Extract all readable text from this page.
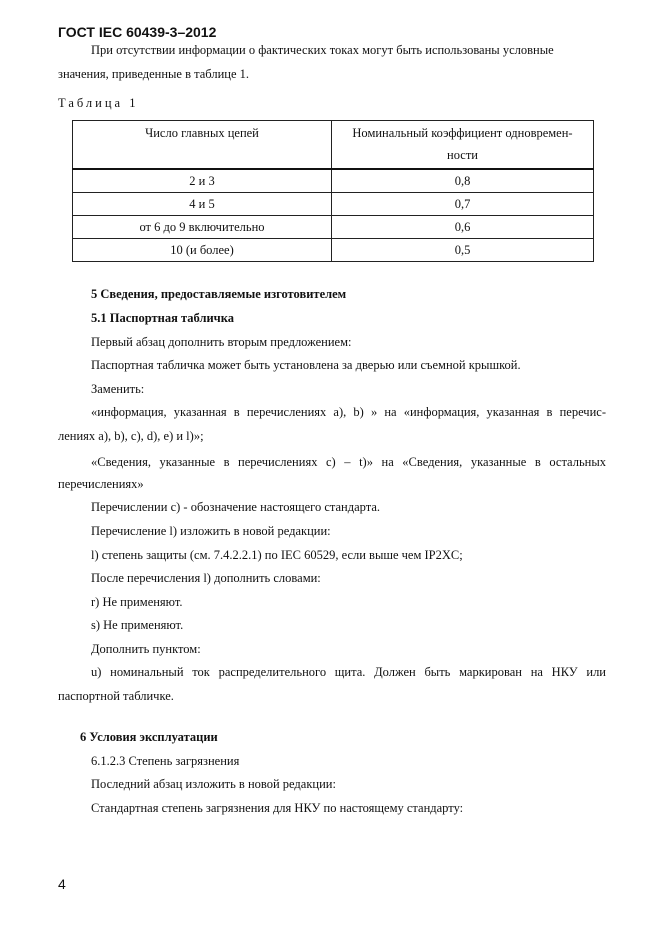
ГОСТ IEC 60439-3–2012
При отсутствии информации о фактических токах могут быть использованы условные
значения, приведенные в таблице 1.
Таблица 1
Число главных цепей	Номинальный коэффициент одновремен-
ности

2 и 3	0,8
4 и 5	0,7
от 6 до 9 включительно	0,6
10 (и более)	0,5
5 Сведения, предоставляемые изготовителем
5.1 Паспортная табличка
Первый абзац дополнить вторым предложением:
Паспортная табличка может быть установлена за дверью или съемной крышкой.
Заменить:
«информация, указанная в перечислениях а), b) » на «информация, указанная в перечис-
лениях а), b), c), d), e) и l)»;
«Сведения, указанные в перечислениях с) – t)» на «Сведения, указанные в остальных
перечислениях»
Перечислении с) - обозначение настоящего стандарта.
Перечисление l) изложить в новой редакции:
l) степень защиты (см. 7.4.2.2.1) по IEC 60529, если выше чем IP2XC;
После перечисления l) дополнить словами:
r) Не применяют.
s) Не применяют.
Дополнить пунктом:
u) номинальный ток распределительного щита. Должен быть маркирован на НКУ или
паспортной табличке.
6 Условия эксплуатации
6.1.2.3 Степень загрязнения
Последний абзац изложить в новой редакции:
Стандартная степень загрязнения для НКУ по настоящему стандарту:
4
